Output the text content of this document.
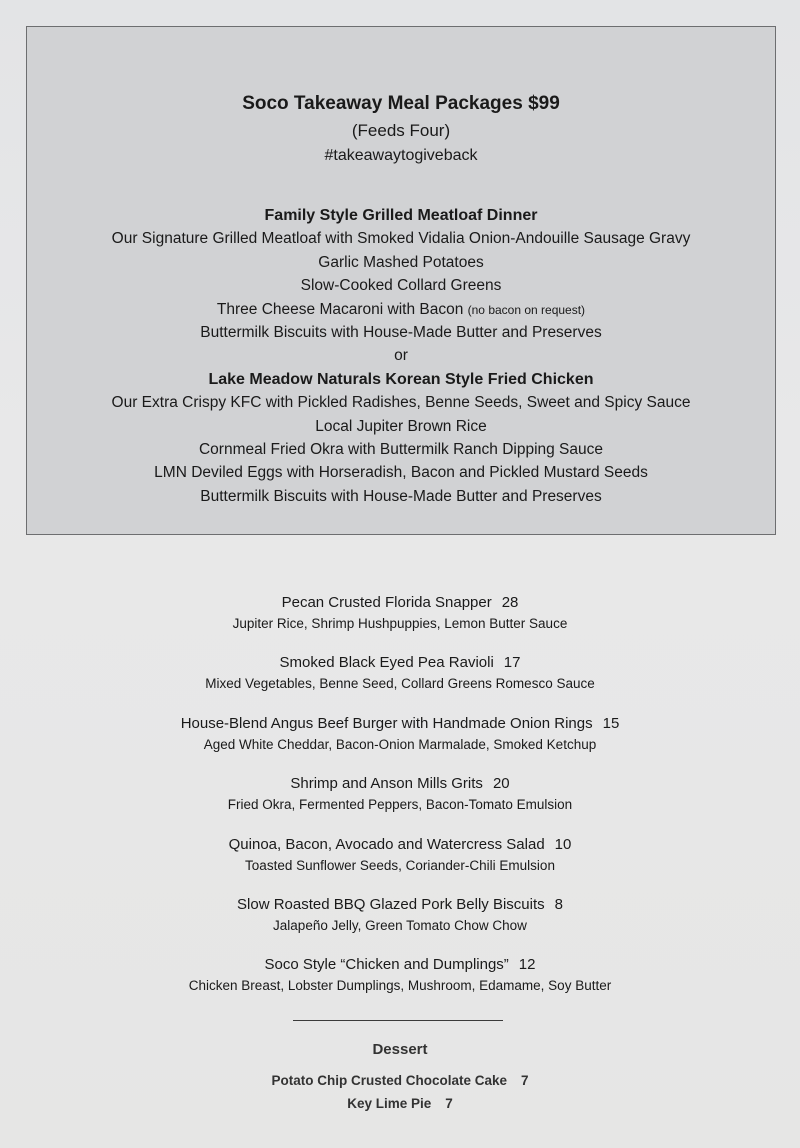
Soco Takeaway Meal Packages $99
(Feeds Four)
#takeawaytogiveback
Family Style Grilled Meatloaf Dinner
Our Signature Grilled Meatloaf with Smoked Vidalia Onion-Andouille Sausage Gravy
Garlic Mashed Potatoes
Slow-Cooked Collard Greens
Three Cheese Macaroni with Bacon (no bacon on request)
Buttermilk Biscuits with House-Made Butter and Preserves
or
Lake Meadow Naturals Korean Style Fried Chicken
Our Extra Crispy KFC with Pickled Radishes, Benne Seeds, Sweet and Spicy Sauce
Local Jupiter Brown Rice
Cornmeal Fried Okra with Buttermilk Ranch Dipping Sauce
LMN Deviled Eggs with Horseradish, Bacon and Pickled Mustard Seeds
Buttermilk Biscuits with House-Made Butter and Preserves
Pecan Crusted Florida Snapper 28
Jupiter Rice, Shrimp Hushpuppies, Lemon Butter Sauce
Smoked Black Eyed Pea Ravioli 17
Mixed Vegetables, Benne Seed, Collard Greens Romesco Sauce
House-Blend Angus Beef Burger with Handmade Onion Rings 15
Aged White Cheddar, Bacon-Onion Marmalade, Smoked Ketchup
Shrimp and Anson Mills Grits 20
Fried Okra, Fermented Peppers, Bacon-Tomato Emulsion
Quinoa, Bacon, Avocado and Watercress Salad 10
Toasted Sunflower Seeds, Coriander-Chili Emulsion
Slow Roasted BBQ Glazed Pork Belly Biscuits 8
Jalapeño Jelly, Green Tomato Chow Chow
Soco Style “Chicken and Dumplings” 12
Chicken Breast, Lobster Dumplings, Mushroom, Edamame, Soy Butter
Dessert
Potato Chip Crusted Chocolate Cake 7
Key Lime Pie 7
